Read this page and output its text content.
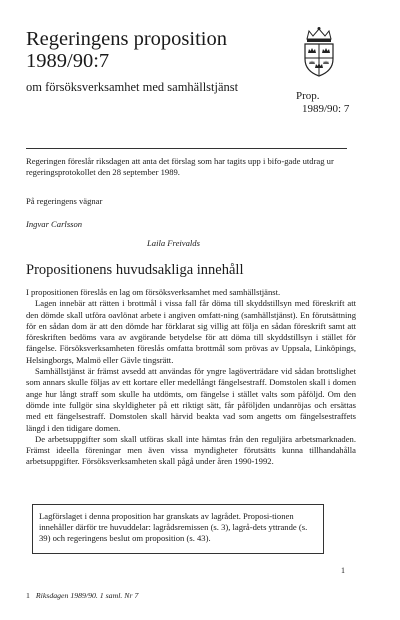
Regeringens proposition
1989/90:7
om försöksverksamhet med samhällstjänst
Prop.
1989/90: 7
Regeringen föreslår riksdagen att anta det förslag som har tagits upp i bifo-gade utdrag ur regeringsprotokollet den 28 september 1989.
På regeringens vägnar
Ingvar Carlsson
Laila Freivalds
Propositionens huvudsakliga innehåll

I propositionen föreslås en lag om försöksverksamhet med samhällstjänst.

Lagen innebär att rätten i brottmål i vissa fall får döma till skyddstillsyn med föreskrift att den dömde skall utföra oavlönat arbete i angiven omfatt-ning (samhällstjänst). En förutsättning för en sådan dom är att den dömde har förklarat sig villig att följa en sådan föreskrift samt att föreskriften bedöms vara av avgörande betydelse för att döma till skyddstillsyn i stället för fängelse. Försöksverksamheten föreslås omfatta brottmål som prövas av Uppsala, Linköpings, Helsingborgs, Malmö eller Gävle tingsrätt.

Samhällstjänst är främst avsedd att användas för yngre lagöverträdare vid sådan brottslighet som annars skulle följas av ett kortare eller medellångt fängelsestraff. Domstolen skall i domen ange hur långt straff som skulle ha utdömts, om fängelse i stället valts som påföljd. Om den dömde inte fullgör sina skyldigheter på ett riktigt sätt, får påföljden undanröjas och ersättas med ett fängelsestraff. Domstolen skall härvid beakta vad som angetts om fängelsestraffets längd i den tidigare domen.

De arbetsuppgifter som skall utföras skall inte hämtas från den reguljära arbetsmarknaden. Främst ideella föreningar men även vissa myndigheter förutsätts kunna tillhandahålla arbetsuppgifter. Försöksverksamheten skall pågå under åren 1990-1992.

Lagförslaget i denna proposition har granskats av lagrådet. Proposi-tionen innehåller därför tre huvuddelar: lagrådsremissen (s. 3), lagrå-dets yttrande (s. 39) och regeringens beslut om proposition (s. 43).
1
1 Riksdagen 1989/90. 1 saml. Nr 7
